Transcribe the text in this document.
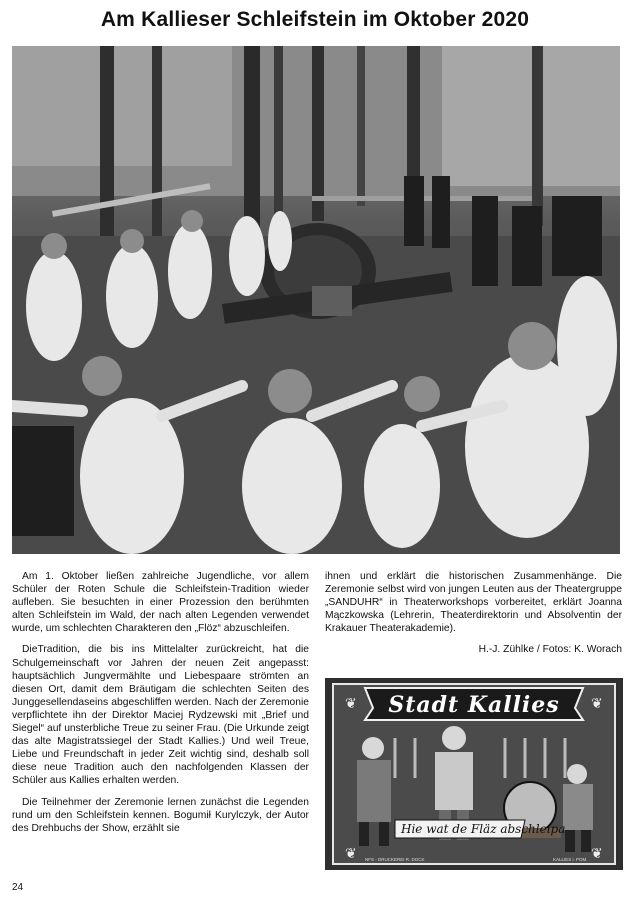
Am Kallieser Schleifstein im Oktober 2020

Am 1. Oktober ließen zahlreiche Jugendliche, vor allem Schüler der Roten Schule die Schleifstein-Tradition wieder aufleben. Sie besuchten in einer Prozession den berühmten alten Schleifstein im Wald, der nach alten Legenden verwendet wurde, um schlechten Charakteren den „Flöz“ abzuschleifen.

DieTradition, die bis ins Mittelalter zurückreicht, hat die Schulgemeinschaft vor Jahren der neuen Zeit angepasst: hauptsächlich Jungvermählte und Liebespaare strömten an diesen Ort, damit dem Bräutigam die schlechten Seiten des Junggesellendaseins abgeschliffen werden. Nach der Zeremonie verpflichtete ihn der Direktor Maciej Rydzewski mit „Brief und Siegel“ auf unsterbliche Treue zu seiner Frau. (Die Urkunde zeigt das alte Magistratssiegel der Stadt Kallies.) Und weil Treue, Liebe und Freundschaft in jeder Zeit wichtig sind, deshalb soll diese neue Tradition auch den nachfolgenden Klassen der Schüler aus Kallies erhalten werden.

Die Teilnehmer der Zeremonie lernen zunächst die Legenden rund um den Schleifstein kennen. Bogumił Kurylczyk, der Autor des Drehbuchs der Show, erzählt sie

ihnen und erklärt die historischen Zusammenhänge. Die Zeremonie selbst wird von jungen Leuten aus der Theatergruppe „SANDUHR“ in Theaterworkshops vorbereitet, erklärt Joanna Mączkowska (Lehrerin, Theaterdirektorin und Absolventin der Krakauer Theaterakademie).

H.-J. Zühlke / Fotos: K. Worach

Stadt Kallies
❦	❦
❦	❦
Hie wat de Fläz abschleipa
NFS - DRUCKEREI R. DOCK	KALLIES i. POM.
24
